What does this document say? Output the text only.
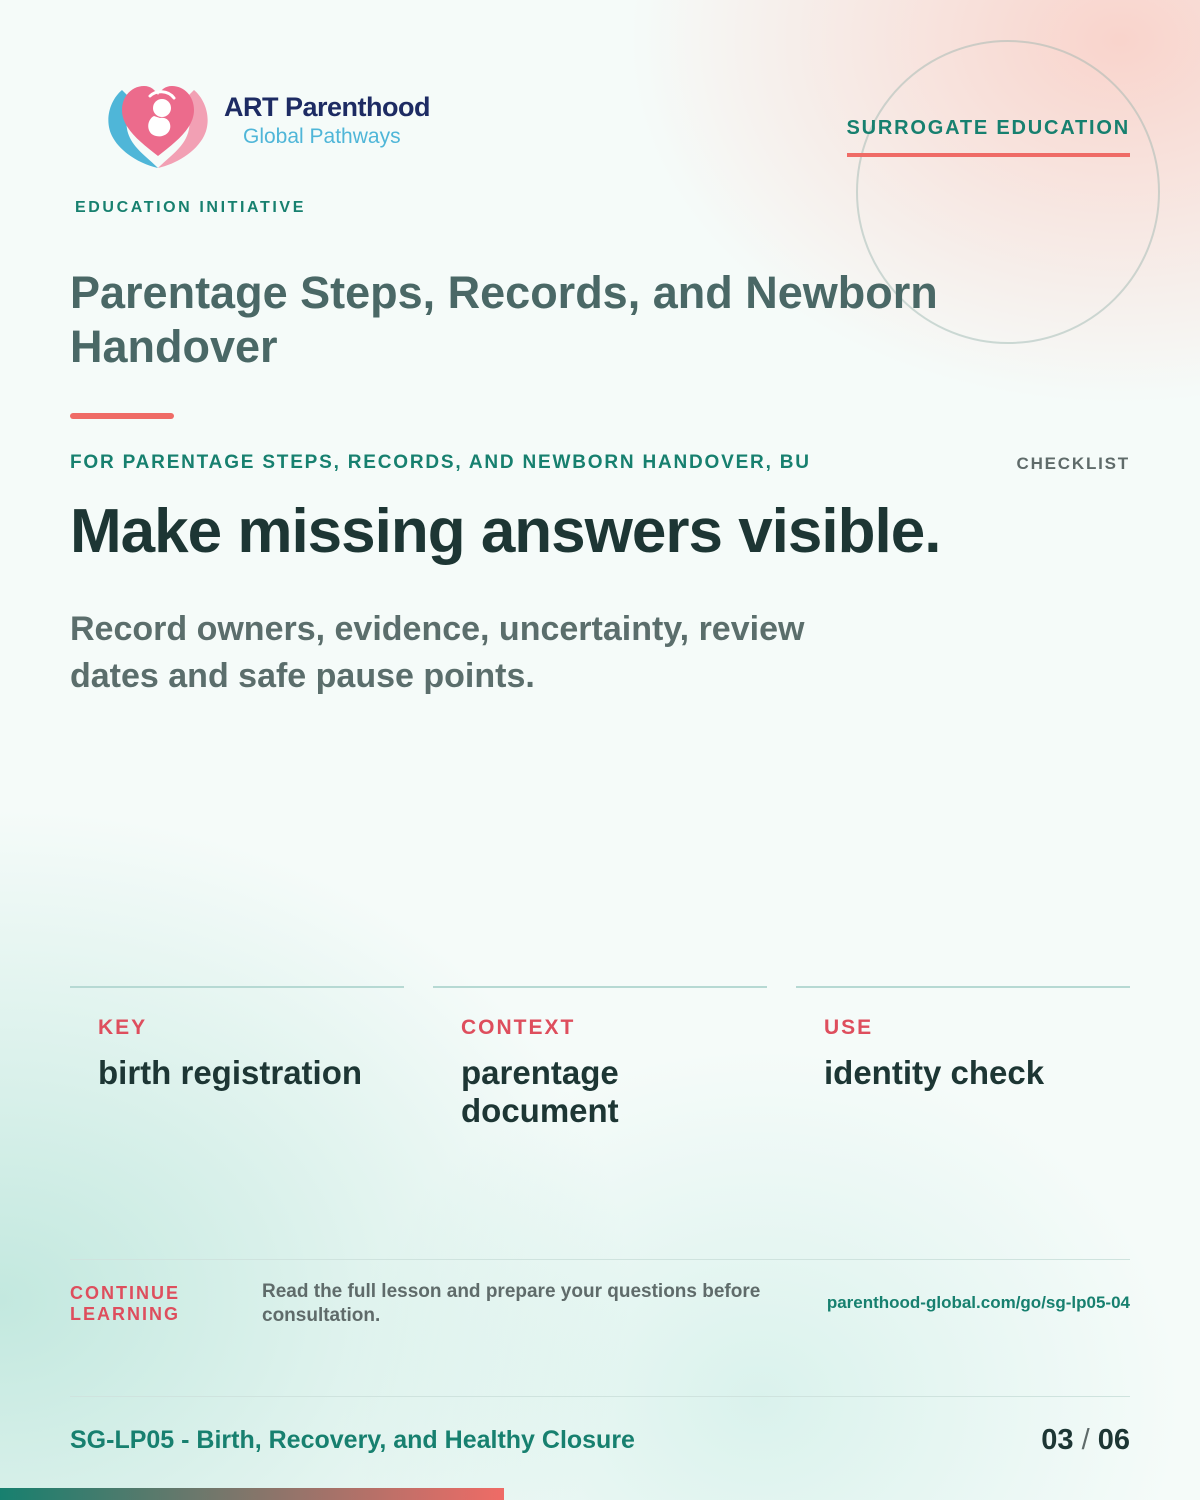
ART Parenthood
Global Pathways
EDUCATION INITIATIVE
SURROGATE EDUCATION
Parentage Steps, Records, and Newborn Handover
FOR PARENTAGE STEPS, RECORDS, AND NEWBORN HANDOVER, BU	CHECKLIST
Make missing answers visible.

Record owners, evidence, uncertainty, review dates and safe pause points.

KEY
birth registration
CONTEXT
parentage document
USE
identity check
CONTINUE LEARNING
Read the full lesson and prepare your questions before consultation.
parenthood-global.com/go/sg-lp05-04
SG-LP05 - Birth, Recovery, and Healthy Closure	03 / 06
